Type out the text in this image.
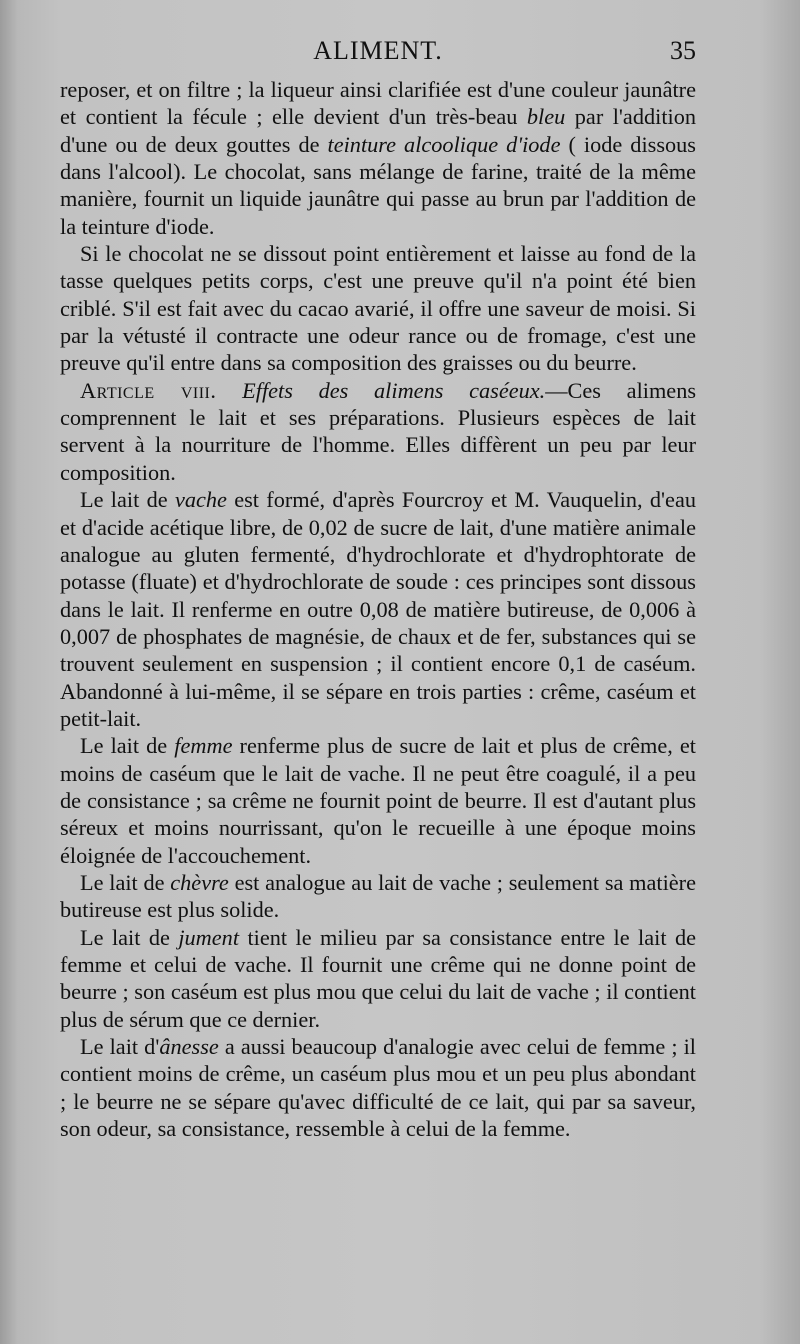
ALIMENT.	35

reposer, et on filtre ; la liqueur ainsi clarifiée est d'une couleur jaunâtre et contient la fécule ; elle devient d'un très-beau bleu par l'addition d'une ou de deux gouttes de teinture alcoolique d'iode ( iode dissous dans l'alcool). Le chocolat, sans mélange de farine, traité de la même manière, fournit un liquide jaunâtre qui passe au brun par l'addition de la teinture d'iode.

Si le chocolat ne se dissout point entièrement et laisse au fond de la tasse quelques petits corps, c'est une preuve qu'il n'a point été bien criblé. S'il est fait avec du cacao avarié, il offre une saveur de moisi. Si par la vétusté il contracte une odeur rance ou de fromage, c'est une preuve qu'il entre dans sa composition des graisses ou du beurre.

Article viii. Effets des alimens caséeux.—Ces alimens comprennent le lait et ses préparations. Plusieurs espèces de lait servent à la nourriture de l'homme. Elles diffèrent un peu par leur composition.

Le lait de vache est formé, d'après Fourcroy et M. Vauquelin, d'eau et d'acide acétique libre, de 0,02 de sucre de lait, d'une matière animale analogue au gluten fermenté, d'hydrochlorate et d'hydrophtorate de potasse (fluate) et d'hydrochlorate de soude : ces principes sont dissous dans le lait. Il renferme en outre 0,08 de matière butireuse, de 0,006 à 0,007 de phosphates de magnésie, de chaux et de fer, substances qui se trouvent seulement en suspension ; il contient encore 0,1 de caséum. Abandonné à lui-même, il se sépare en trois parties : crême, caséum et petit-lait.

Le lait de femme renferme plus de sucre de lait et plus de crême, et moins de caséum que le lait de vache. Il ne peut être coagulé, il a peu de consistance ; sa crême ne fournit point de beurre. Il est d'autant plus séreux et moins nourrissant, qu'on le recueille à une époque moins éloignée de l'accouchement.

Le lait de chèvre est analogue au lait de vache ; seulement sa matière butireuse est plus solide.

Le lait de jument tient le milieu par sa consistance entre le lait de femme et celui de vache. Il fournit une crême qui ne donne point de beurre ; son caséum est plus mou que celui du lait de vache ; il contient plus de sérum que ce dernier.

Le lait d'ânesse a aussi beaucoup d'analogie avec celui de femme ; il contient moins de crême, un caséum plus mou et un peu plus abondant ; le beurre ne se sépare qu'avec difficulté de ce lait, qui par sa saveur, son odeur, sa consistance, ressemble à celui de la femme.
